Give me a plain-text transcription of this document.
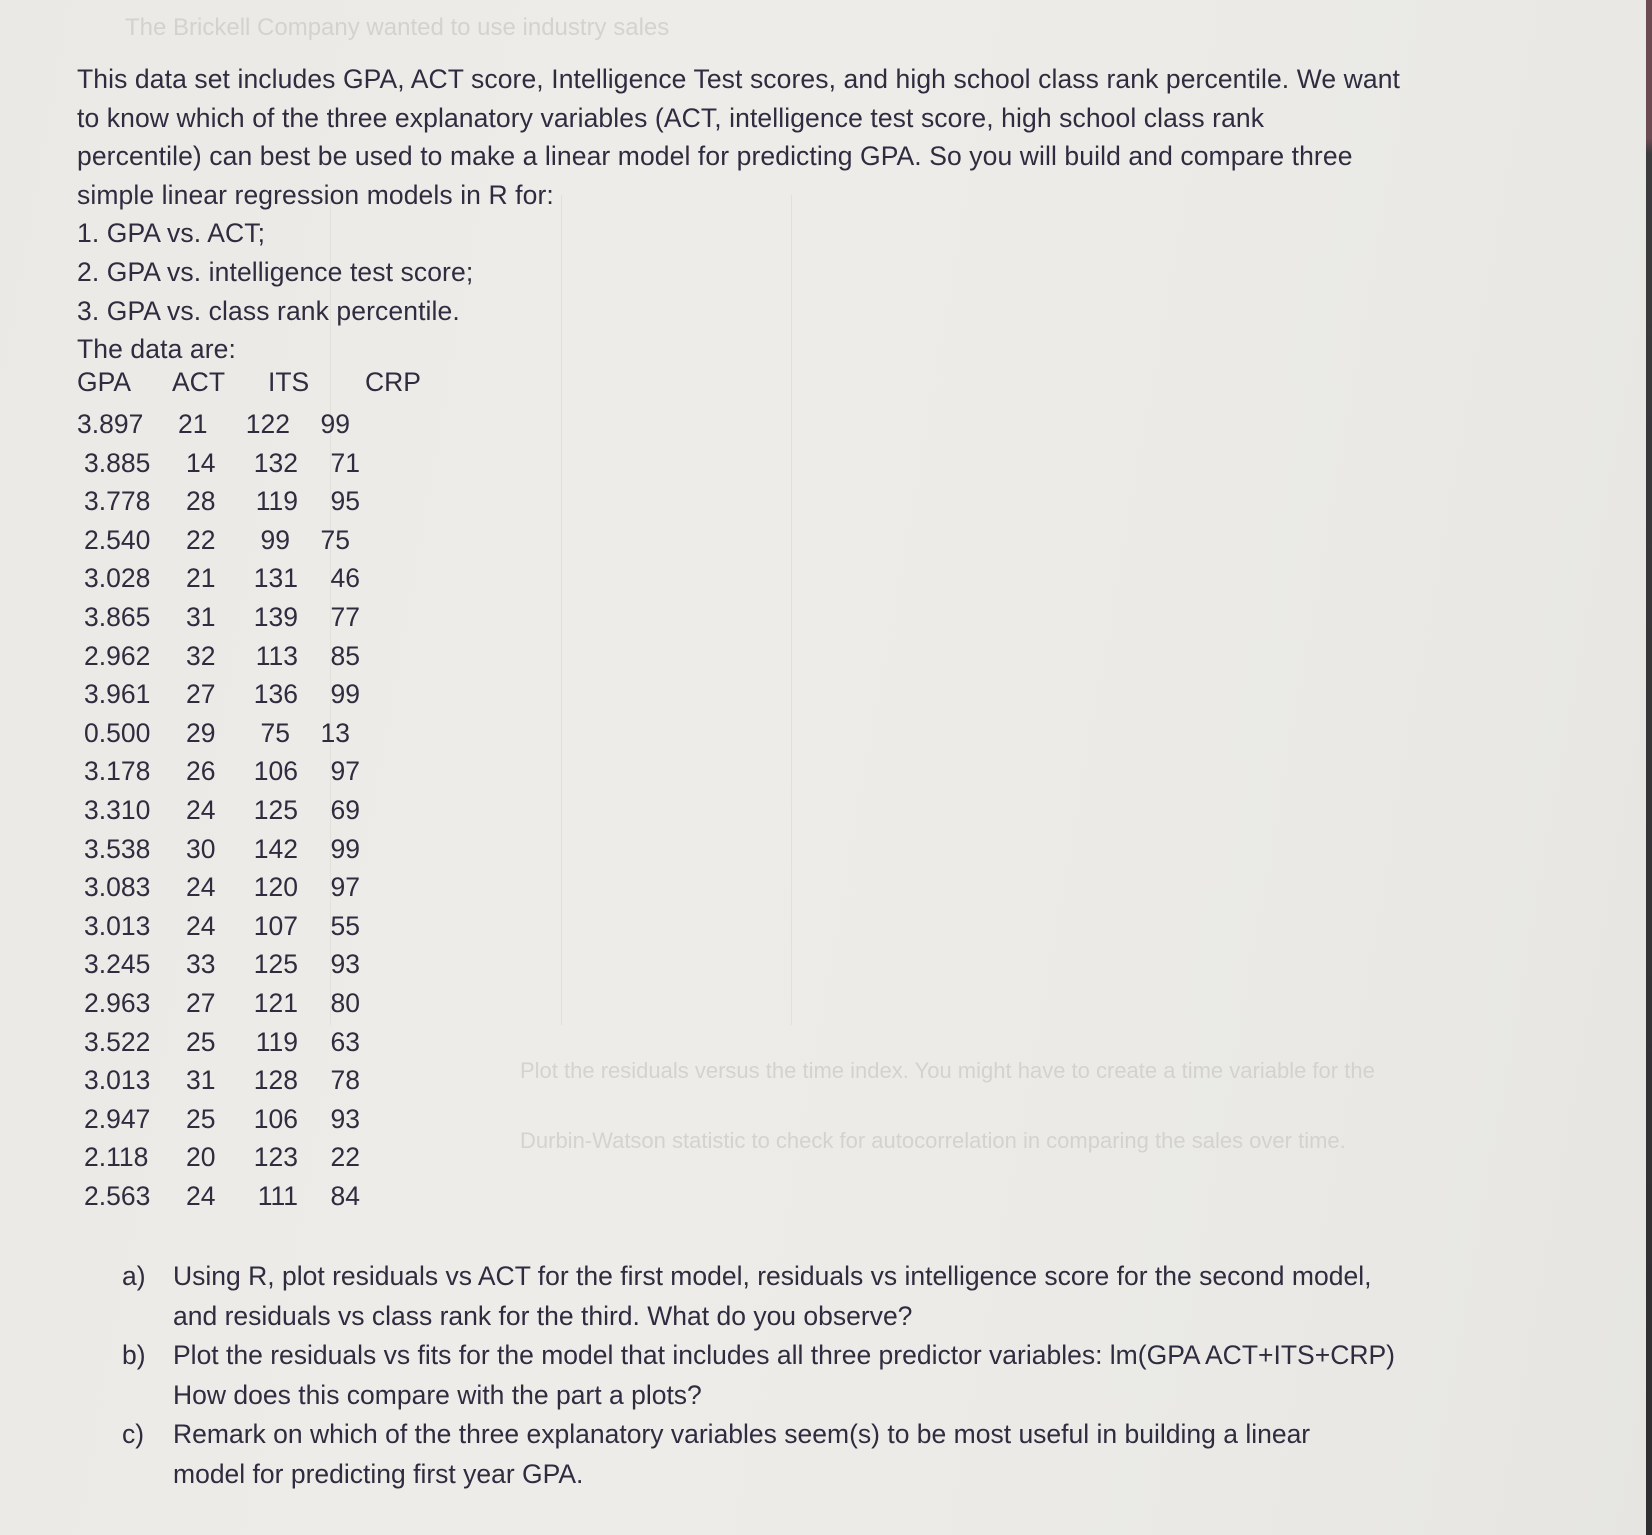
The Brickell Company wanted to use industry sales
Plot the residuals versus the time index. You might have to create a time variable for the
Durbin-Watson statistic to check for autocorrelation in comparing the sales over time.
This data set includes GPA, ACT score, Intelligence Test scores, and high school class rank percentile. We want
to know which of the three explanatory variables (ACT, intelligence test score, high school class rank
percentile) can best be used to make a linear model for predicting GPA. So you will build and compare three
simple linear regression models in R for:
1. GPA vs. ACT;
2. GPA vs. intelligence test score;
3. GPA vs. class rank percentile.
The data are:
GPA ACT ITS CRP
3.897 21 122	99
3.885 14 132	71
3.778 28 119	95
2.540 22	99	75
3.028 21 131	46
3.865 31 139	77
2.962 32 113	85
3.961 27 136	99
0.500 29	75	13
3.178 26 106	97
3.310 24 125	69
3.538 30 142	99
3.083 24 120	97
3.013 24 107	55
3.245 33 125	93
2.963 27 121	80
3.522 25 119	63
3.013 31 128	78
2.947 25 106	93
2.118 20 123	22
2.563 24	111	84
a) Using R, plot residuals vs ACT for the first model, residuals vs intelligence score for the second model,
and residuals vs class rank for the third. What do you observe?
b) Plot the residuals vs fits for the model that includes all three predictor variables: lm(GPA ACT+ITS+CRP)
How does this compare with the part a plots?
c) Remark on which of the three explanatory variables seem(s) to be most useful in building a linear
model for predicting first year GPA.
